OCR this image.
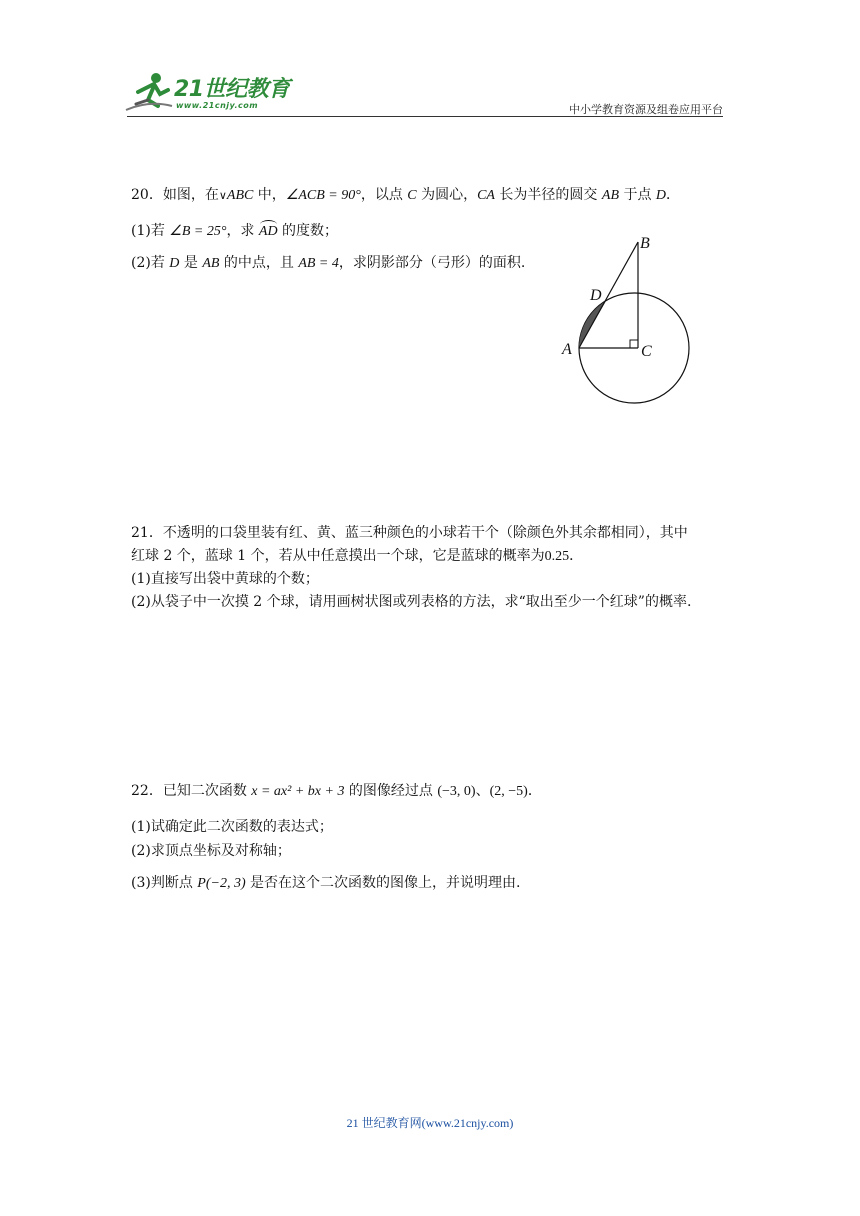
21世纪教育
www.21cnjy.com	中小学教育资源及组卷应用平台
20．如图，在∨ABC 中，∠ACB = 90°，以点 C 为圆心，CA 长为半径的圆交 AB 于点 D．
(1)若 ∠B = 25°，求 AD 的度数；
(2)若 D 是 AB 的中点，且 AB = 4，求阴影部分（弓形）的面积.
B
D
A	C
21．不透明的口袋里装有红、黄、蓝三种颜色的小球若干个（除颜色外其余都相同），其中
红球 2 个，蓝球 1 个，若从中任意摸出一个球，它是蓝球的概率为0.25．
(1)直接写出袋中黄球的个数；
(2)从袋子中一次摸 2 个球，请用画树状图或列表格的方法，求“取出至少一个红球”的概率.
22．已知二次函数 x = ax² + bx + 3 的图像经过点 (−3, 0)、(2, −5)．
(1)试确定此二次函数的表达式；
(2)求顶点坐标及对称轴；
(3)判断点 P(−2, 3) 是否在这个二次函数的图像上，并说明理由.
21 世纪教育网(www.21cnjy.com)
